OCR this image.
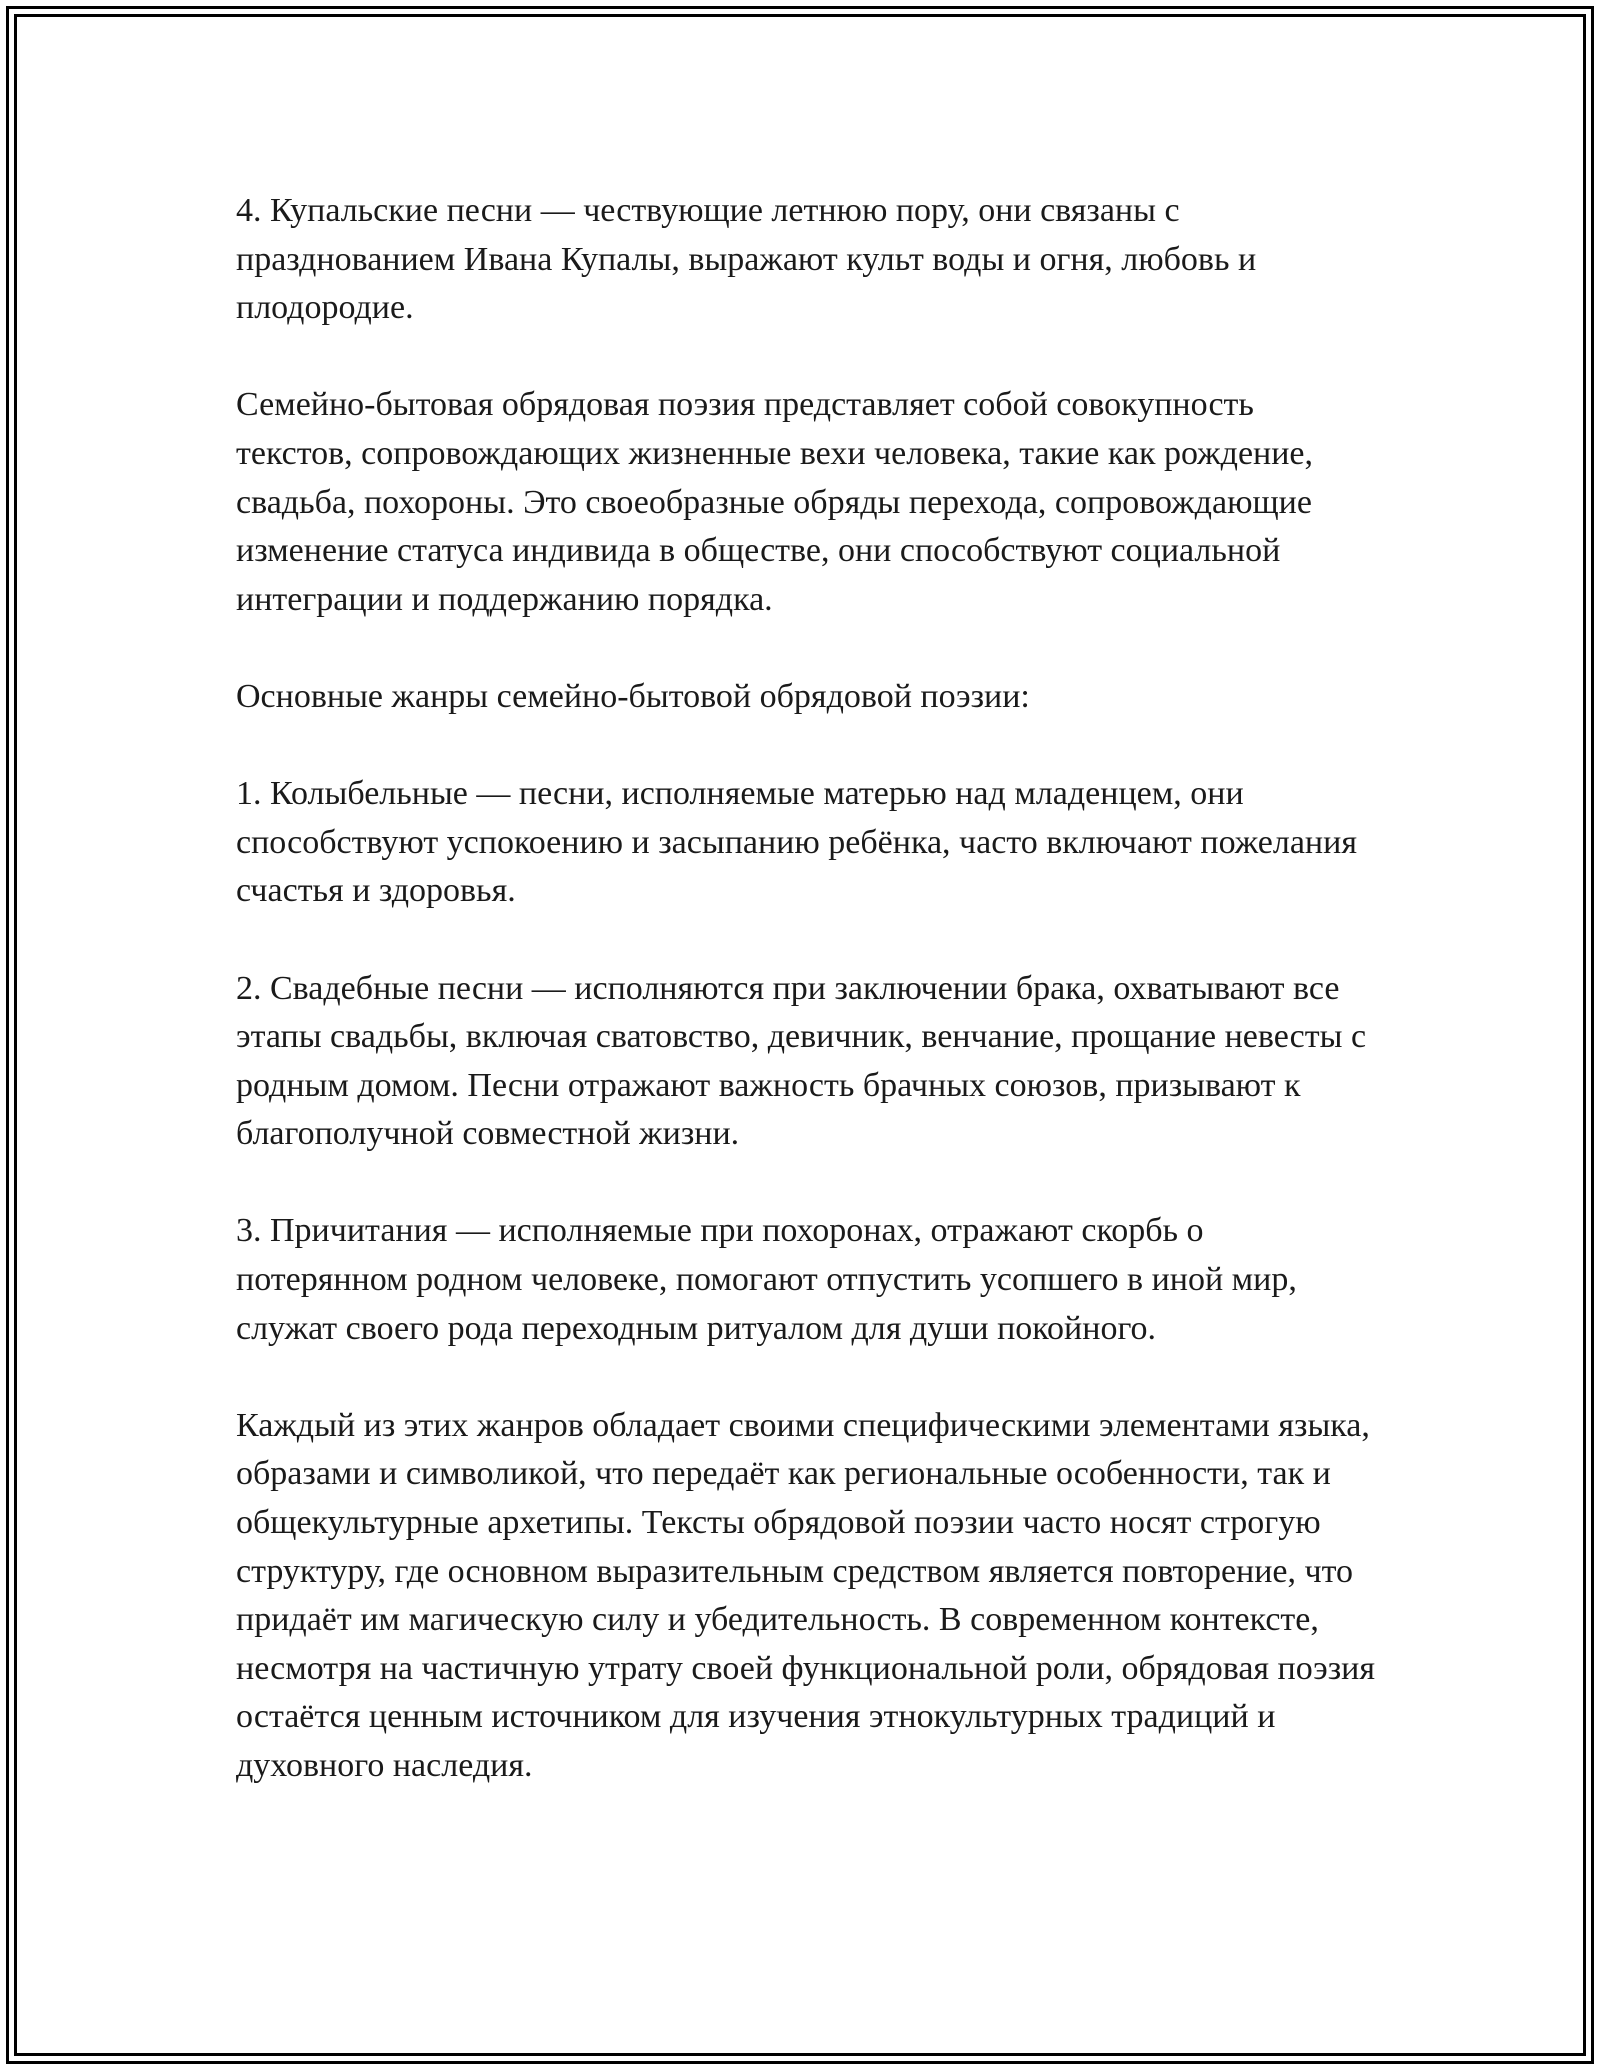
4. Купальские песни — чествующие летнюю пору, они связаны с празднованием Ивана Купалы, выражают культ воды и огня, любовь и плодородие.

Семейно-бытовая обрядовая поэзия представляет собой совокупность текстов, сопровождающих жизненные вехи человека, такие как рождение, свадьба, похороны. Это своеобразные обряды перехода, сопровождающие изменение статуса индивида в обществе, они способствуют социальной интеграции и поддержанию порядка.

Основные жанры семейно-бытовой обрядовой поэзии:

1. Колыбельные — песни, исполняемые матерью над младенцем, они способствуют успокоению и засыпанию ребёнка, часто включают пожелания счастья и здоровья.

2. Свадебные песни — исполняются при заключении брака, охватывают все этапы свадьбы, включая сватовство, девичник, венчание, прощание невесты с родным домом. Песни отражают важность брачных союзов, призывают к благополучной совместной жизни.

3. Причитания — исполняемые при похоронах, отражают скорбь о потерянном родном человеке, помогают отпустить усопшего в иной мир, служат своего рода переходным ритуалом для души покойного.

Каждый из этих жанров обладает своими специфическими элементами языка, образами и символикой, что передаёт как региональные особенности, так и общекультурные архетипы. Тексты обрядовой поэзии часто носят строгую структуру, где основном выразительным средством является повторение, что придаёт им магическую силу и убедительность. В современном контексте, несмотря на частичную утрату своей функциональной роли, обрядовая поэзия остаётся ценным источником для изучения этнокультурных традиций и духовного наследия.
